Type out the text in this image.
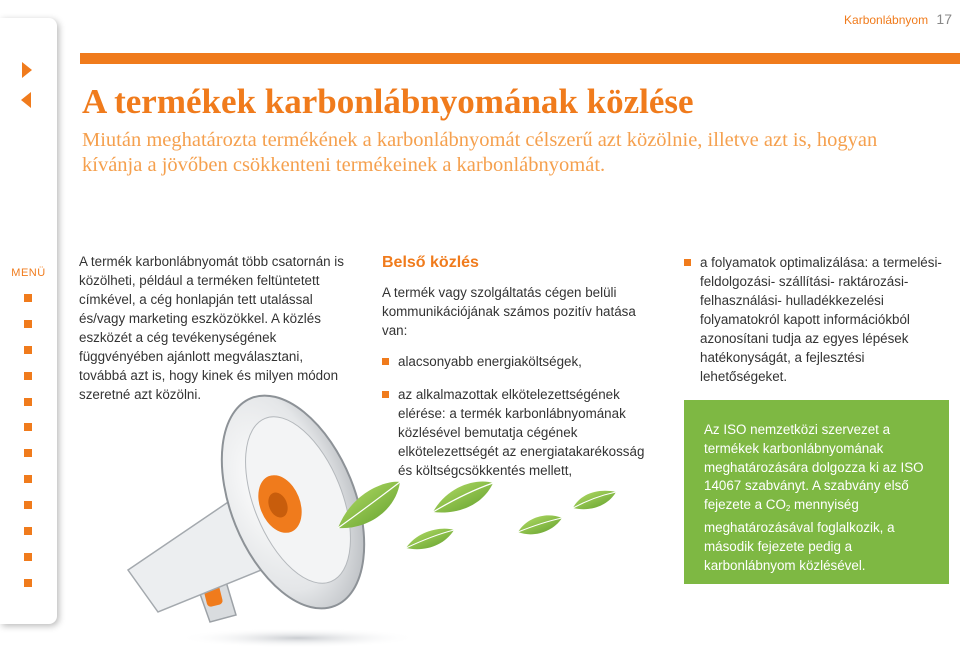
Karbonlábnyom 17
MENÜ
A termékek karbonlábnyomának közlése
Miután meghatározta termékének a karbonlábnyomát célszerű azt közölnie, illetve azt is, hogyan kívánja a jövőben csökkenteni termékeinek a karbonlábnyomát.

A termék karbonlábnyomát több csatornán is közölheti, például a terméken feltüntetett címkével, a cég honlapján tett utalással és/vagy marketing eszközökkel. A közlés eszközét a cég tevékenységének függvényében ajánlott megválasztani, továbbá azt is, hogy kinek és milyen módon szeretné azt közölni.

Belső közlés

A termék vagy szolgáltatás cégen belüli kommunikációjának számos pozitív hatása van:

alacsonyabb energiaköltségek,
az alkalmazottak elkötelezettségének elérése: a termék karbonlábnyomának közlésével bemutatja cégének elkötelezettségét az energiatakarékosság és költségcsökkentés mellett,
a folyamatok optimalizálása: a termelési-feldolgozási- szállítási- raktározási-felhasználási- hulladékkezelési folyamatokról kapott információkból azonosítani tudja az egyes lépések hatékonyságát, a fejlesztési lehetőségeket.
Az ISO nemzetközi szervezet a termékek karbonlábnyomának meghatározására dolgozza ki az ISO 14067 szabványt. A szabvány első fejezete a $CO_2$ mennyiség meghatározásával foglalkozik, a második fejezete pedig a karbonlábnyom közlésével.
